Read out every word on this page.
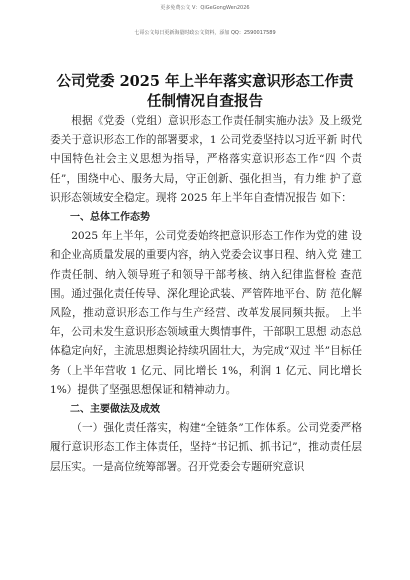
更多免费公文 V：QiGeGongWen2026
七哥公文每日更新海量时政公文资料，添加 QQ：2590017589
公司党委 2025 年上半年落实意识形态工作责任制情况自查报告

根据《党委（党组）意识形态工作责任制实施办法》及上级党委关于意识形态工作的部署要求，1 公司党委坚持以习近平新 时代中国特色社会主义思想为指导，严格落实意识形态工作“四 个责任”，围绕中心、服务大局，守正创新、强化担当，有力维 护了意识形态领域安全稳定。现将 2025 年上半年自查情况报告 如下：

一、总体工作态势

2025 年上半年，公司党委始终把意识形态工作作为党的建 设和企业高质量发展的重要内容，纳入党委会议事日程、纳入党 建工作责任制、纳入领导班子和领导干部考核、纳入纪律监督检 查范围。通过强化责任传导、深化理论武装、严管阵地平台、防 范化解风险，推动意识形态工作与生产经营、改革发展同频共振。 上半年，公司未发生意识形态领域重大舆情事件，干部职工思想 动态总体稳定向好，主流思想舆论持续巩固壮大，为完成“双过 半”目标任务（上半年营收 1 亿元、同比增长 1%，利润 1 亿元、同比增长 1%）提供了坚强思想保证和精神动力。

二、主要做法及成效

（一）强化责任落实，构建“全链条”工作体系。公司党委严格履行意识形态工作主体责任，坚持“书记抓、抓书记”，推动责任层层压实。一是高位统筹部署。召开党委会专题研究意识
